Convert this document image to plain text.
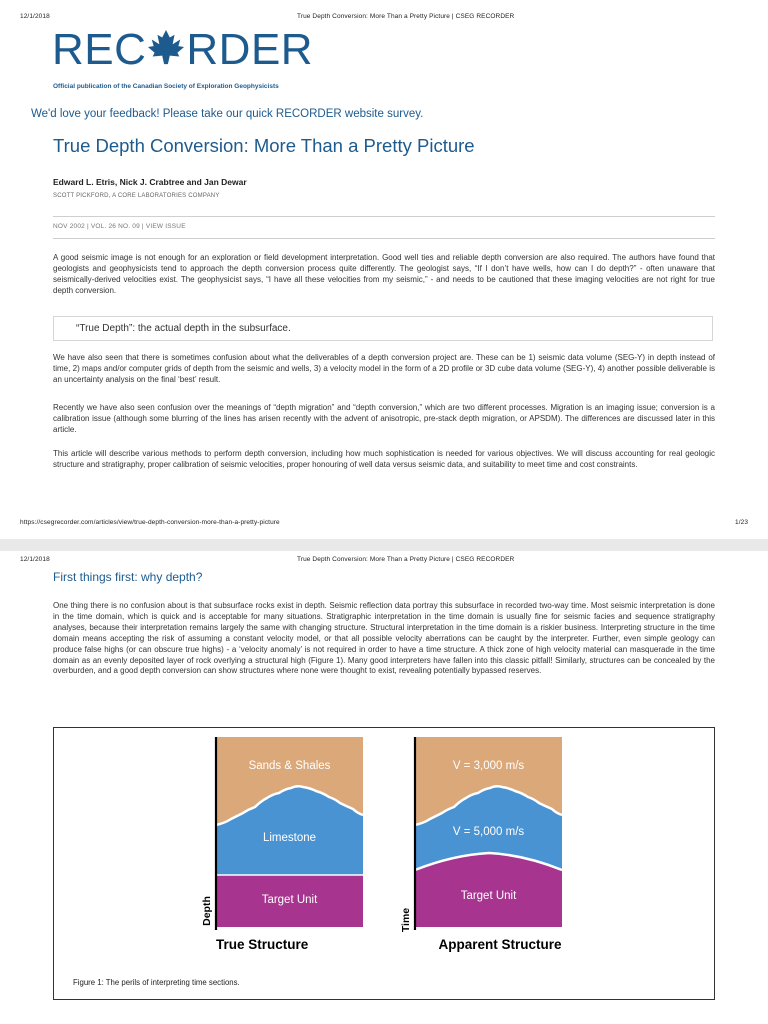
12/1/2018	True Depth Conversion: More Than a Pretty Picture | CSEG RECORDER
REC RDER
Official publication of the Canadian Society of Exploration Geophysicists
We'd love your feedback! Please take our quick RECORDER website survey.
True Depth Conversion: More Than a Pretty Picture
Edward L. Etris, Nick J. Crabtree and Jan Dewar
SCOTT PICKFORD, A CORE LABORATORIES COMPANY
NOV 2002 | VOL. 26 NO. 09 | VIEW ISSUE

A good seismic image is not enough for an exploration or field development interpretation. Good well ties and reliable depth conversion are also required. The authors have found that geologists and geophysicists tend to approach the depth conversion process quite differently. The geologist says, “If I don’t have wells, how can I do depth?” - often unaware that seismically-derived velocities exist. The geophysicist says, “I have all these velocities from my seismic,” - and needs to be cautioned that these imaging velocities are not right for true depth conversion.

“True Depth”: the actual depth in the subsurface.

We have also seen that there is sometimes confusion about what the deliverables of a depth conversion project are. These can be 1) seismic data volume (SEG-Y) in depth instead of time, 2) maps and/or computer grids of depth from the seismic and wells, 3) a velocity model in the form of a 2D profile or 3D cube data volume (SEG-Y), 4) another possible deliverable is an uncertainty analysis on the final ‘best’ result.

Recently we have also seen confusion over the meanings of “depth migration” and “depth conversion,” which are two different processes. Migration is an imaging issue; conversion is a calibration issue (although some blurring of the lines has arisen recently with the advent of anisotropic, pre-stack depth migration, or APSDM). The differences are discussed later in this article.

This article will describe various methods to perform depth conversion, including how much sophistication is needed for various objectives. We will discuss accounting for real geologic structure and stratigraphy, proper calibration of seismic velocities, proper honouring of well data versus seismic data, and suitability to meet time and cost constraints.

https://csegrecorder.com/articles/view/true-depth-conversion-more-than-a-pretty-picture	1/23
12/1/2018	True Depth Conversion: More Than a Pretty Picture | CSEG RECORDER
First things first: why depth?

One thing there is no confusion about is that subsurface rocks exist in depth. Seismic reflection data portray this subsurface in recorded two-way time. Most seismic interpretation is done in the time domain, which is quick and is acceptable for many situations. Stratigraphic interpretation in the time domain is usually fine for seismic facies and sequence stratigraphy analyses, because their interpretation remains largely the same with changing structure. Structural interpretation in the time domain is a riskier business. Interpreting structure in the time domain means accepting the risk of assuming a constant velocity model, or that all possible velocity aberrations can be caught by the interpreter. Further, even simple geology can produce false highs (or can obscure true highs) - a ‘velocity anomaly’ is not required in order to have a time structure. A thick zone of high velocity material can masquerade in the time domain as an evenly deposited layer of rock overlying a structural high (Figure 1). Many good interpreters have fallen into this classic pitfall! Similarly, structures can be concealed by the overburden, and a good depth conversion can show structures where none were thought to exist, revealing potentially bypassed reserves.

Sands & Shales
Limestone
Target Unit
V = 3,000 m/s
V = 5,000 m/s
Target Unit
Depth	Time
True Structure	Apparent Structure
Figure 1: The perils of interpreting time sections.
